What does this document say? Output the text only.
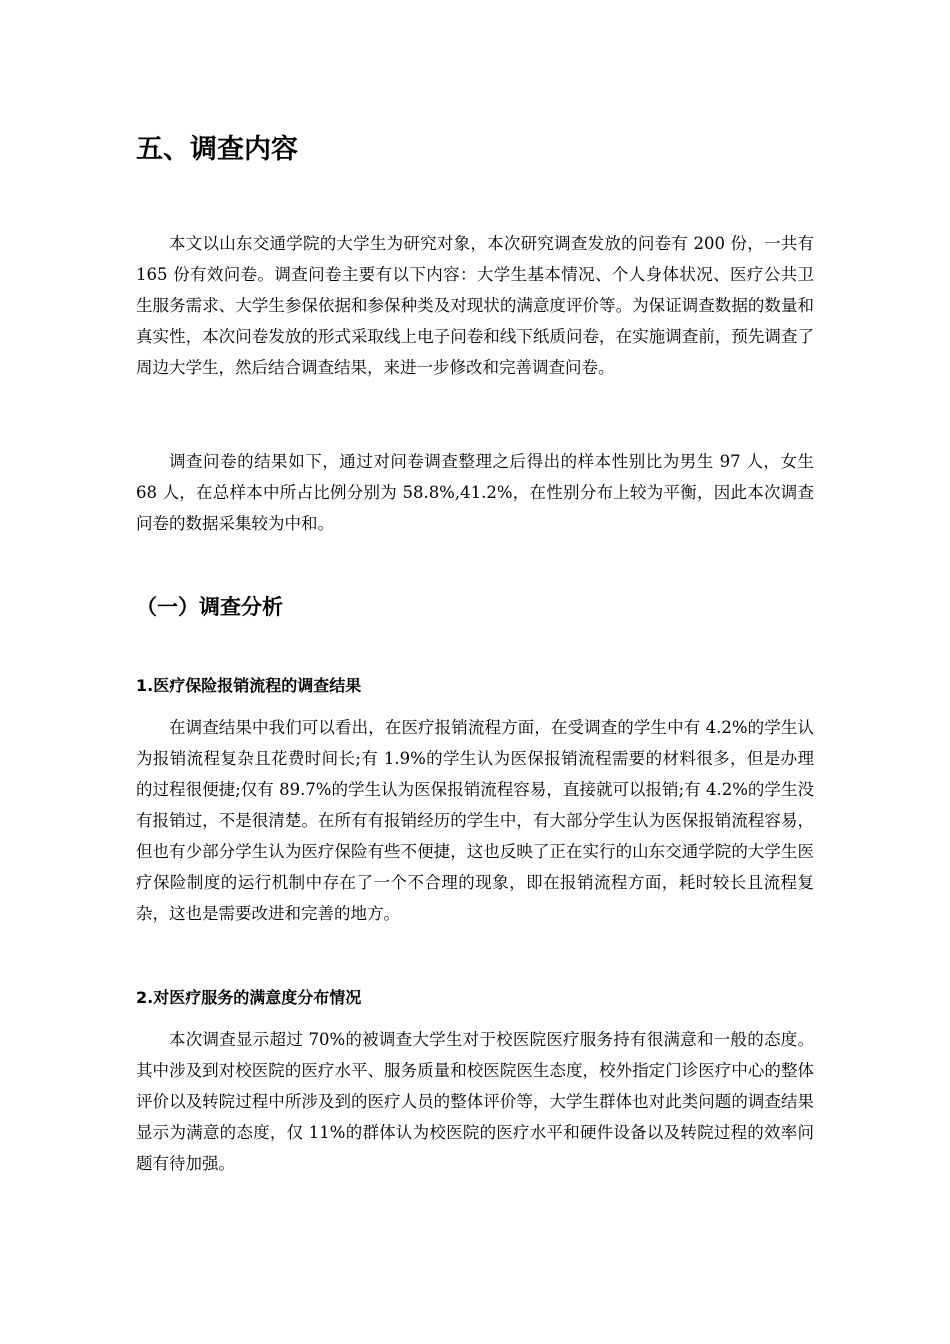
五、调查内容

本文以山东交通学院的大学生为研究对象，本次研究调查发放的问卷有 200 份，一共有 165 份有效问卷。调查问卷主要有以下内容：大学生基本情况、个人身体状况、医疗公共卫生服务需求、大学生参保依据和参保种类及对现状的满意度评价等。为保证调查数据的数量和真实性，本次问卷发放的形式采取线上电子问卷和线下纸质问卷，在实施调查前，预先调查了周边大学生，然后结合调查结果，来进一步修改和完善调查问卷。

调查问卷的结果如下，通过对问卷调查整理之后得出的样本性别比为男生 97 人，女生 68 人，在总样本中所占比例分别为 58.8%,41.2%，在性别分布上较为平衡，因此本次调查问卷的数据采集较为中和。

（一）调查分析
1.医疗保险报销流程的调查结果

在调查结果中我们可以看出，在医疗报销流程方面，在受调查的学生中有 4.2%的学生认为报销流程复杂且花费时间长;有 1.9%的学生认为医保报销流程需要的材料很多，但是办理的过程很便捷;仅有 89.7%的学生认为医保报销流程容易，直接就可以报销;有 4.2%的学生没有报销过，不是很清楚。在所有有报销经历的学生中，有大部分学生认为医保报销流程容易，但也有少部分学生认为医疗保险有些不便捷，这也反映了正在实行的山东交通学院的大学生医疗保险制度的运行机制中存在了一个不合理的现象，即在报销流程方面，耗时较长且流程复杂，这也是需要改进和完善的地方。

2.对医疗服务的满意度分布情况

本次调查显示超过 70%的被调查大学生对于校医院医疗服务持有很满意和一般的态度。其中涉及到对校医院的医疗水平、服务质量和校医院医生态度，校外指定门诊医疗中心的整体评价以及转院过程中所涉及到的医疗人员的整体评价等，大学生群体也对此类问题的调查结果显示为满意的态度，仅 11%的群体认为校医院的医疗水平和硬件设备以及转院过程的效率问题有待加强。
